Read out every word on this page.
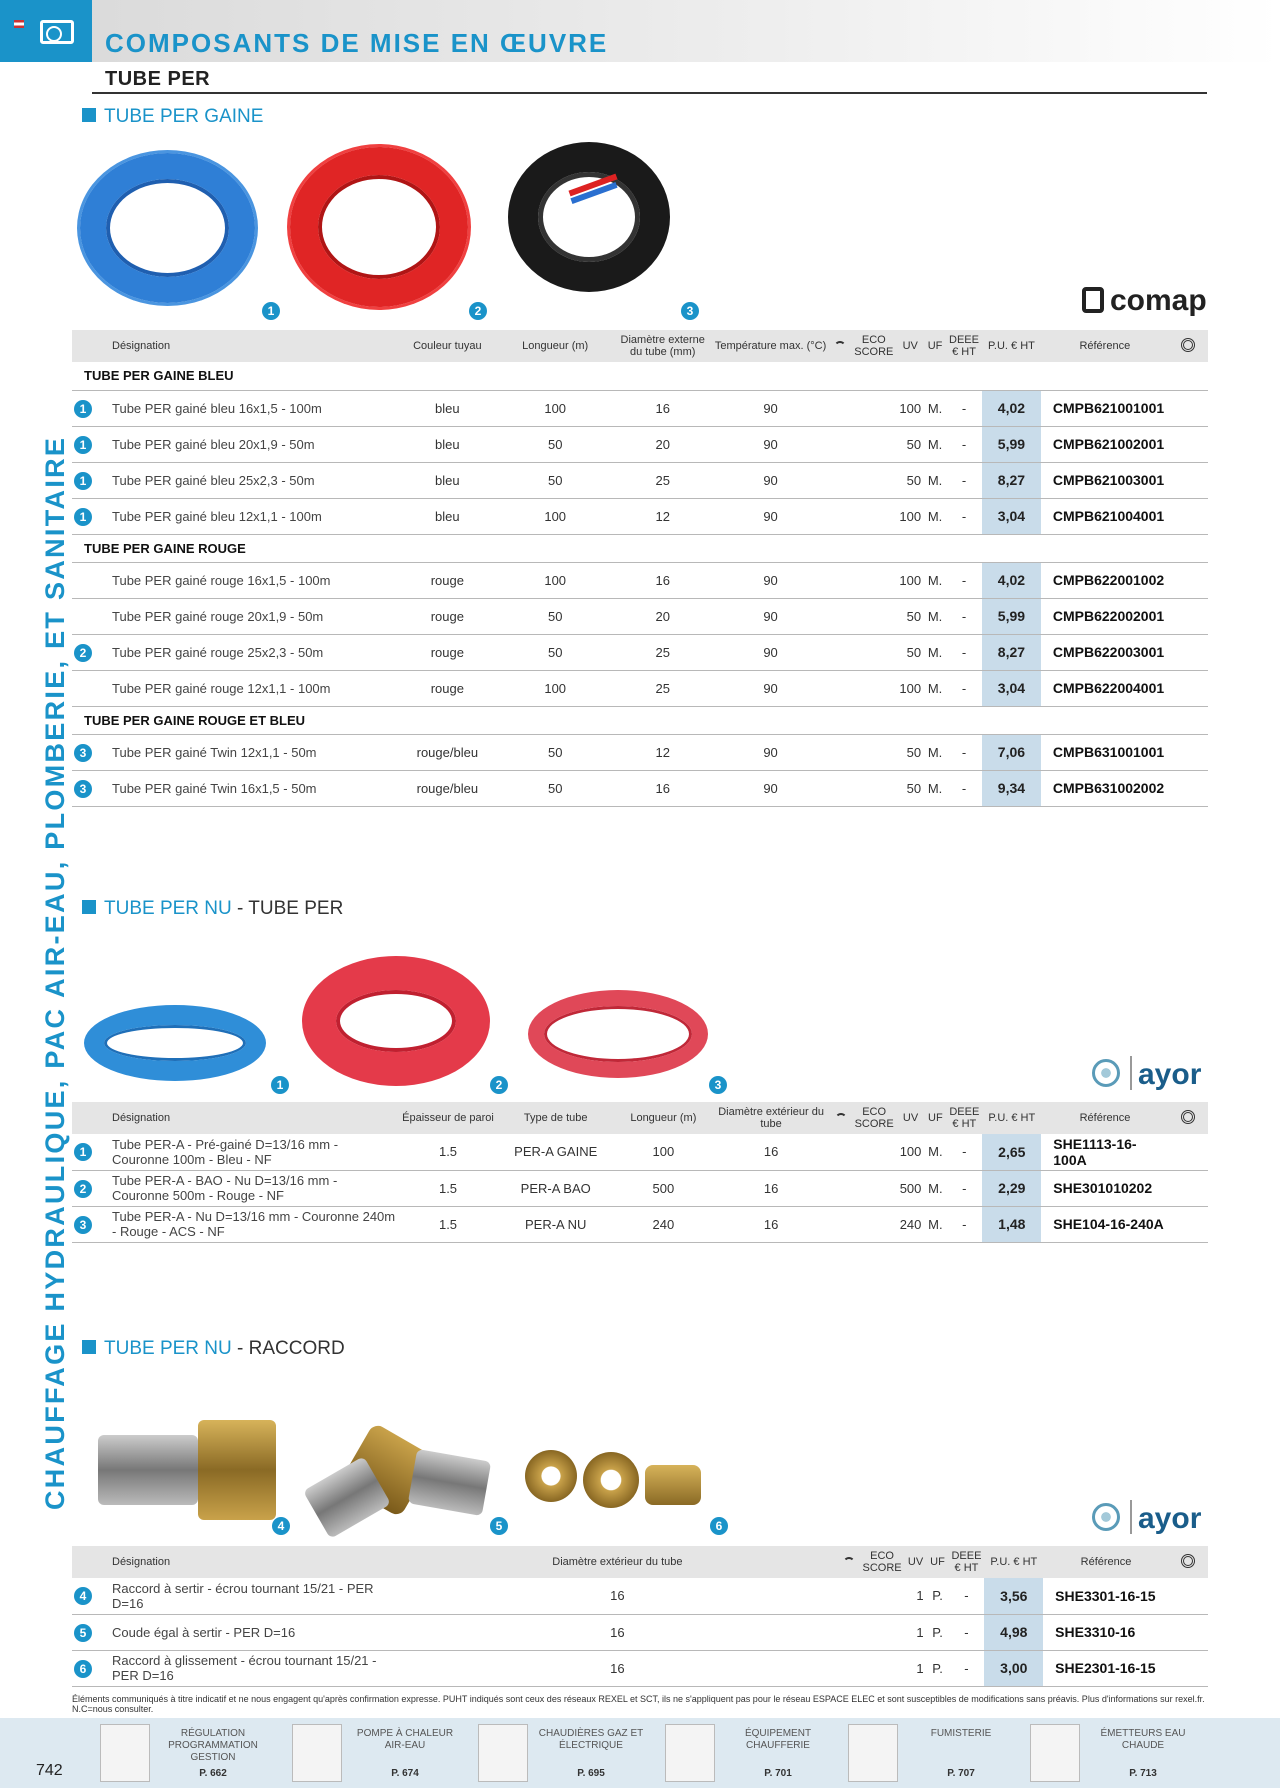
COMPOSANTS DE MISE EN ŒUVRE
TUBE PER
CHAUFFAGE HYDRAULIQUE, PAC AIR-EAU, PLOMBERIE, ET SANITAIRE
TUBE PER GAINE
1	2	3	comap
Désignation	Couleur tuyau	Longueur (m)	Diamètre externe du tube (mm)	Température max. (°C)		ECO SCORE	UV	UF	DEEE € HT	P.U. € HT	Référence	
TUBE PER GAINE BLEU												

1 Tube PER gainé bleu 16x1,5 - 100m	bleu	100	16	90			100	M.	-	4,02	CMPB621001001	

1 Tube PER gainé bleu 20x1,9 - 50m	bleu	50	20	90			50	M.	-	5,99	CMPB621002001	

1 Tube PER gainé bleu 25x2,3 - 50m	bleu	50	25	90			50	M.	-	8,27	CMPB621003001	

1 Tube PER gainé bleu 12x1,1 - 100m	bleu	100	12	90			100	M.	-	3,04	CMPB621004001	
TUBE PER GAINE ROUGE												
Tube PER gainé rouge 16x1,5 - 100m	rouge	100	16	90			100	M.	-	4,02	CMPB622001002	
Tube PER gainé rouge 20x1,9 - 50m	rouge	50	20	90			50	M.	-	5,99	CMPB622002001	

2 Tube PER gainé rouge 25x2,3 - 50m	rouge	50	25	90			50	M.	-	8,27	CMPB622003001	
Tube PER gainé rouge 12x1,1 - 100m	rouge	100	25	90			100	M.	-	3,04	CMPB622004001	
TUBE PER GAINE ROUGE ET BLEU												

3 Tube PER gainé Twin 12x1,1 - 50m	rouge/bleu	50	12	90			50	M.	-	7,06	CMPB631001001	

3 Tube PER gainé Twin 16x1,5 - 50m	rouge/bleu	50	16	90			50	M.	-	9,34	CMPB631002002	
TUBE PER NU - TUBE PER
1	2	3	ayor
Désignation	Épaisseur de paroi	Type de tube	Longueur (m)	Diamètre extérieur du tube		ECO SCORE	UV	UF	DEEE € HT	P.U. € HT	Référence	

1
Tube PER-A - Pré-gainé D=13/16 mm - Couronne 100m - Bleu - NF	1.5	PER-A GAINE	100	16			100	M.	-	2,65	SHE1113-16-100A	

2
Tube PER-A - BAO - Nu D=13/16 mm - Couronne 500m - Rouge - NF	1.5	PER-A BAO	500	16			500	M.	-	2,29	SHE301010202	

3
Tube PER-A - Nu D=13/16 mm - Couronne 240m - Rouge - ACS - NF	1.5	PER-A NU	240	16			240	M.	-	1,48	SHE104-16-240A	
TUBE PER NU - RACCORD
4	5	6	ayor
Désignation	Diamètre extérieur du tube		ECO SCORE	UV	UF	DEEE € HT	P.U. € HT	Référence	

4
Raccord à sertir - écrou tournant 15/21 - PER D=16	16			1	P.	-	3,56	SHE3301-16-15	

5 Coude égal à sertir - PER D=16	16			1	P.	-	4,98	SHE3310-16	

6
Raccord à glissement - écrou tournant 15/21 - PER D=16	16			1	P.	-	3,00	SHE2301-16-15	
Éléments communiqués à titre indicatif et ne nous engagent qu'après confirmation expresse. PUHT indiqués sont ceux des réseaux REXEL et SCT, ils ne s'appliquent pas pour le réseau ESPACE ELEC et sont susceptibles de modifications sans préavis. Plus d'informations sur rexel.fr. N.C=nous consulter.
742
RÉGULATION PROGRAMMATION GESTION
P. 662
POMPE À CHALEUR AIR-EAU
P. 674
CHAUDIÈRES GAZ ET ÉLECTRIQUE
P. 695
ÉQUIPEMENT CHAUFFERIE
P. 701
FUMISTERIE
P. 707
ÉMETTEURS EAU CHAUDE
P. 713
